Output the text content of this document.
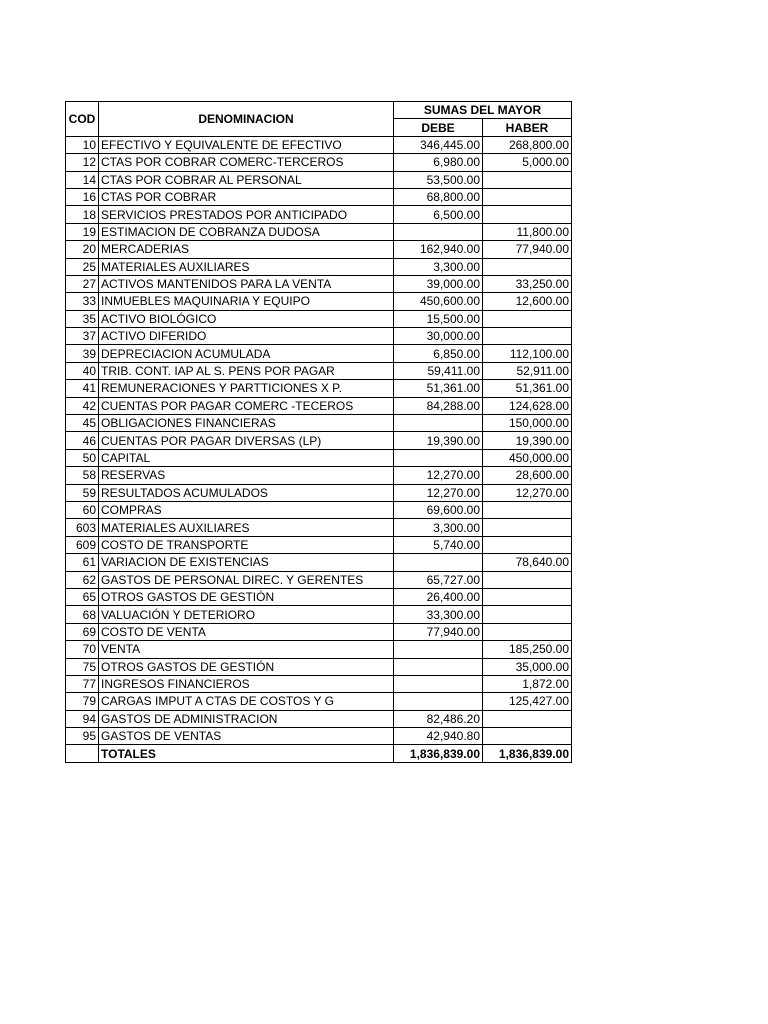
COD	DENOMINACION	SUMAS DEL MAYOR	
		DEBE	HABER
10	EFECTIVO Y EQUIVALENTE DE EFECTIVO	346,445.00	268,800.00
12	CTAS POR COBRAR COMERC-TERCEROS	6,980.00	5,000.00
14	CTAS POR COBRAR AL PERSONAL	53,500.00	
16	CTAS POR COBRAR	68,800.00	
18	SERVICIOS PRESTADOS POR ANTICIPADO	6,500.00	
19	ESTIMACION DE COBRANZA DUDOSA		11,800.00
20	MERCADERIAS	162,940.00	77,940.00
25	MATERIALES AUXILIARES	3,300.00	
27	ACTIVOS MANTENIDOS PARA LA VENTA	39,000.00	33,250.00
33	INMUEBLES MAQUINARIA Y EQUIPO	450,600.00	12,600.00
35	ACTIVO BIOLÓGICO	15,500.00	
37	ACTIVO DIFERIDO	30,000.00	
39	DEPRECIACION ACUMULADA	6,850.00	112,100.00
40	TRIB. CONT. IAP AL S. PENS POR PAGAR	59,411.00	52,911.00
41	REMUNERACIONES Y PARTTICIONES X P.	51,361.00	51,361.00
42	CUENTAS POR PAGAR COMERC -TECEROS	84,288.00	124,628.00
45	OBLIGACIONES FINANCIERAS		150,000.00
46	CUENTAS POR PAGAR DIVERSAS (LP)	19,390.00	19,390.00
50	CAPITAL		450,000.00
58	RESERVAS	12,270.00	28,600.00
59	RESULTADOS ACUMULADOS	12,270.00	12,270.00
60	COMPRAS	69,600.00	
603	MATERIALES AUXILIARES	3,300.00	
609	COSTO DE TRANSPORTE	5,740.00	
61	VARIACION DE EXISTENCIAS		78,640.00
62	GASTOS DE PERSONAL DIREC. Y GERENTES	65,727.00	
65	OTROS GASTOS DE GESTIÓN	26,400.00	
68	VALUACIÓN Y DETERIORO	33,300.00	
69	COSTO DE VENTA	77,940.00	
70	VENTA		185,250.00
75	OTROS GASTOS DE GESTIÓN		35,000.00
77	INGRESOS FINANCIEROS		1,872.00
79	CARGAS IMPUT A CTAS DE COSTOS Y G		125,427.00
94	GASTOS DE ADMINISTRACION	82,486.20	
95	GASTOS DE VENTAS	42,940.80	
	TOTALES	1,836,839.00	1,836,839.00
